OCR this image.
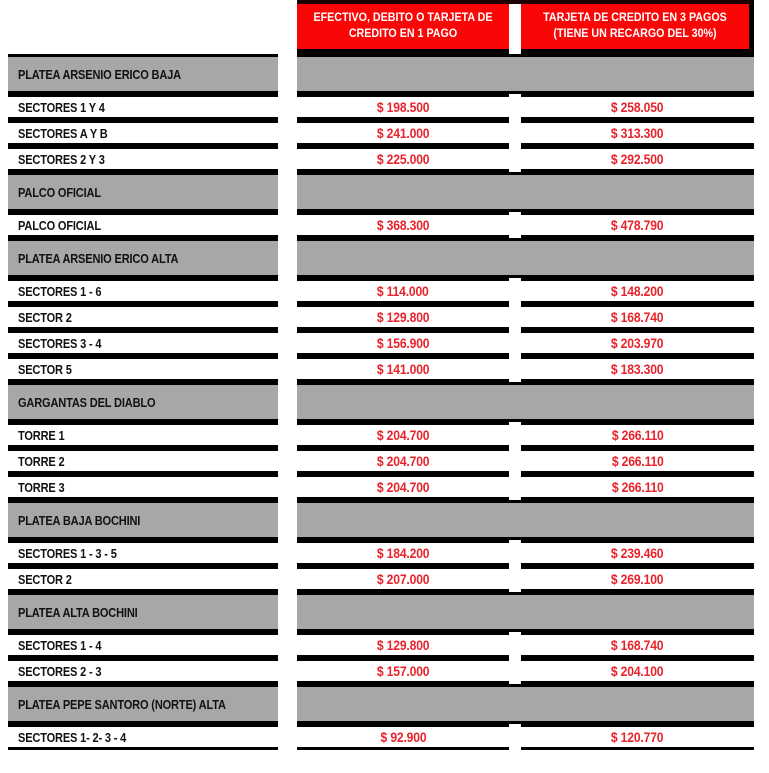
EFECTIVO, DEBITO O TARJETA DE CREDITO EN 1 PAGO
TARJETA DE CREDITO EN 3 PAGOS (TIENE UN RECARGO DEL 30%)
PLATEA ARSENIO ERICO BAJA
SECTORES 1 Y 4	$ 198.500	$ 258.050
SECTORES A Y B	$ 241.000	$ 313.300
SECTORES 2 Y 3	$ 225.000	$ 292.500
PALCO OFICIAL
PALCO OFICIAL	$ 368.300	$ 478.790
PLATEA ARSENIO ERICO ALTA
SECTORES 1 - 6	$ 114.000	$ 148.200
SECTOR 2	$ 129.800	$ 168.740
SECTORES 3 - 4	$ 156.900	$ 203.970
SECTOR 5	$ 141.000	$ 183.300
GARGANTAS DEL DIABLO
TORRE 1	$ 204.700	$ 266.110
TORRE 2	$ 204.700	$ 266.110
TORRE 3	$ 204.700	$ 266.110
PLATEA BAJA BOCHINI
SECTORES 1 - 3 - 5	$ 184.200	$ 239.460
SECTOR 2	$ 207.000	$ 269.100
PLATEA ALTA BOCHINI
SECTORES 1 - 4	$ 129.800	$ 168.740
SECTORES 2 - 3	$ 157.000	$ 204.100
PLATEA PEPE SANTORO (NORTE) ALTA
SECTORES 1- 2- 3 - 4	$ 92.900	$ 120.770
